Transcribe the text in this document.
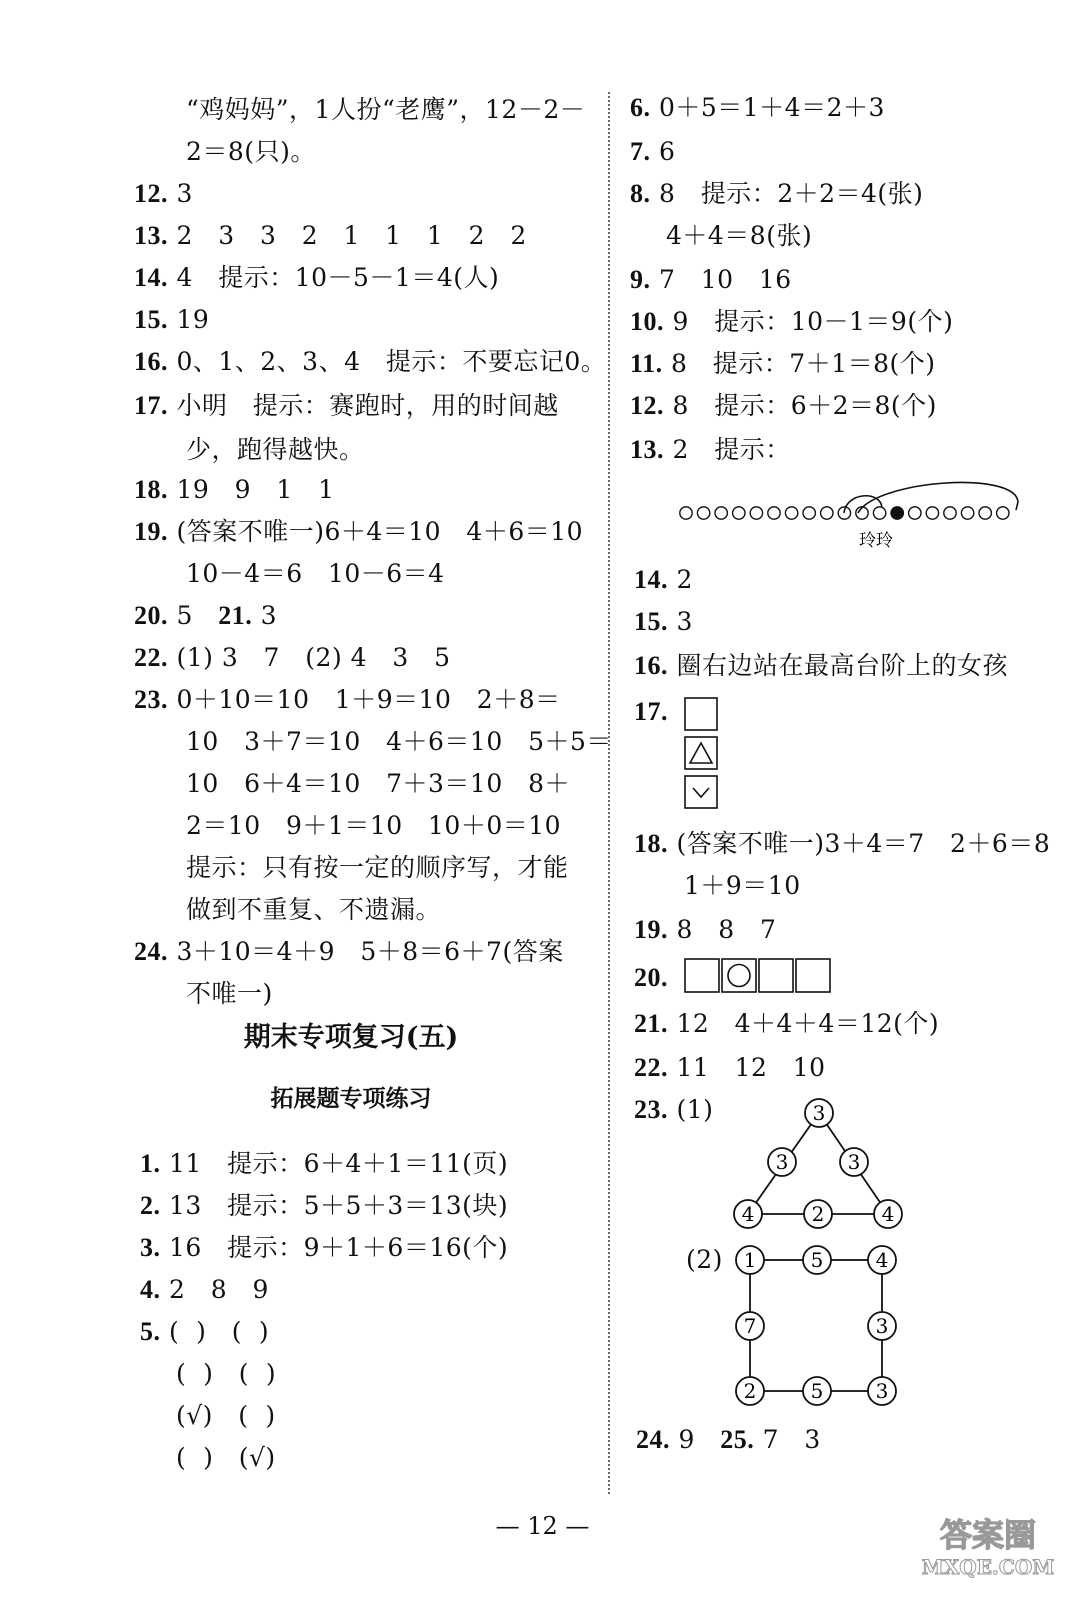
“鸡妈妈”，1人扮“老鹰”，12－2－
2＝8(只)。
12. 3
13. 2   3   3   2   1   1   1   2   2
14. 4   提示：10－5－1＝4(人)
15. 19
16. 0、1、2、3、4   提示：不要忘记0。
17. 小明   提示：赛跑时，用的时间越
少，跑得越快。
18. 19   9   1   1
19. (答案不唯一)6＋4＝10   4＋6＝10
10－4＝6   10－6＝4
20. 5 21. 3
22. (1) 3   7   (2) 4   3   5
23. 0＋10＝10   1＋9＝10   2＋8＝
10   3＋7＝10   4＋6＝10   5＋5＝
10   6＋4＝10   7＋3＝10   8＋
2＝10   9＋1＝10   10＋0＝10
提示：只有按一定的顺序写，才能
做到不重复、不遗漏。
24. 3＋10＝4＋9   5＋8＝6＋7(答案
不唯一)
期末专项复习(五)
拓展题专项练习
1. 11   提示：6＋4＋1＝11(页)
2. 13   提示：5＋5＋3＝13(块)
3. 16   提示：9＋1＋6＝16(个)
4. 2   8   9
5. (  )   (  )
(  )   (  )
(√)   (  )
(  )   (√)
6. 0＋5＝1＋4＝2＋3
7. 6
8. 8   提示：2＋2＝4(张)
4＋4＝8(张)
9. 7   10   16
10. 9   提示：10－1＝9(个)
11. 8   提示：7＋1＝8(个)
12. 8   提示：6＋2＝8(个)
13. 2   提示：
玲玲
14. 2
15. 3
16. 圈右边站在最高台阶上的女孩
17.
18. (答案不唯一)3＋4＝7   2＋6＝8
1＋9＝10
19. 8   8   7
20.
21. 12   4＋4＋4＝12(个)
22. 11   12   10
23. (1)
(2)
3
3	3
4	2	4
1	5	4
7	3
2	5	3
24. 9 25. 7   3
— 12 —	答案圈
MXQE.COM
